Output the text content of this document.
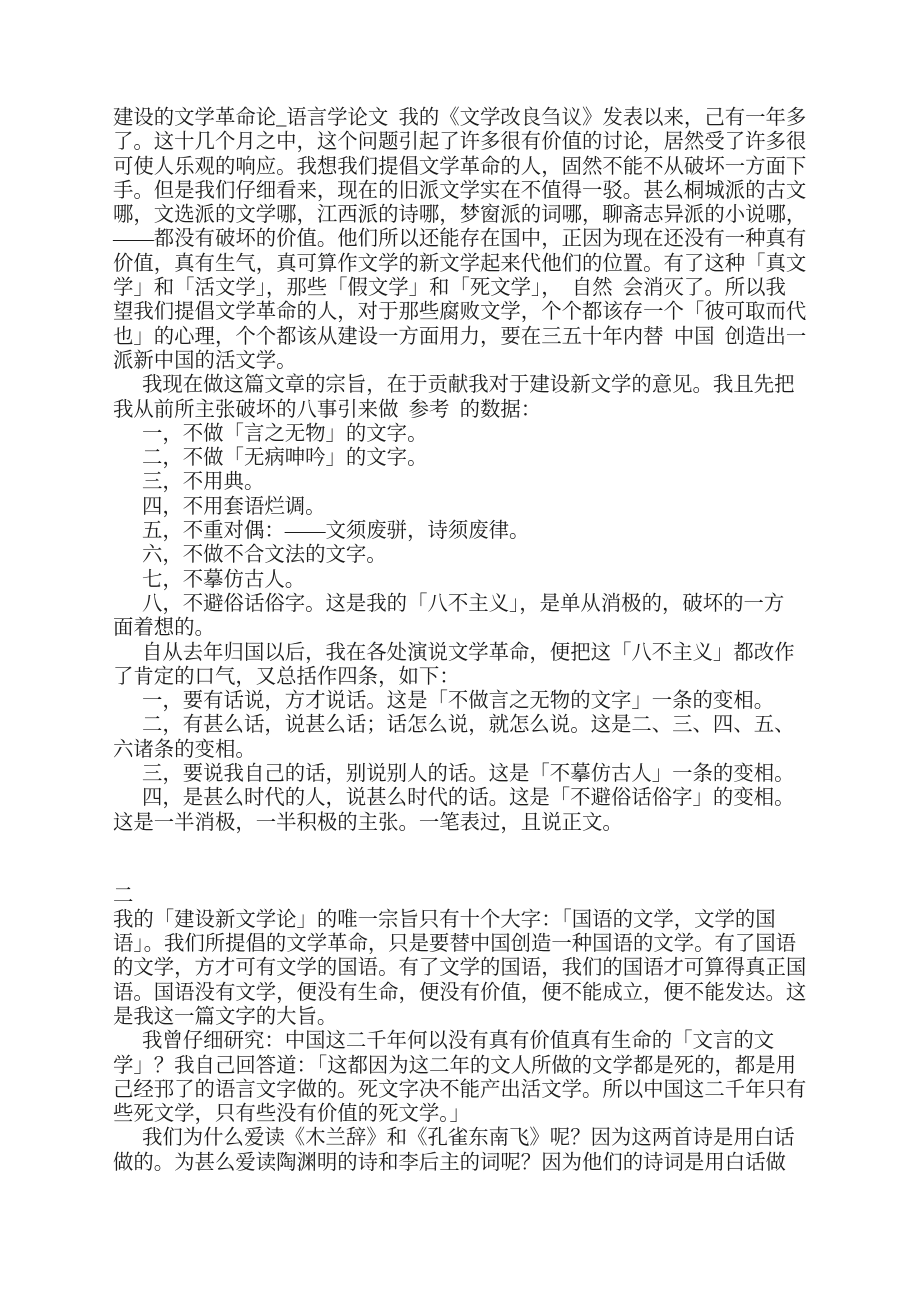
建设的文学革命论_语言学论文  我的《文学改良刍议》发表以来，己有一年多
了。这十几个月之中，这个问题引起了许多很有价值的讨论，居然受了许多很
可使人乐观的响应。我想我们提倡文学革命的人，固然不能不从破坏一方面下
手。但是我们仔细看来，现在的旧派文学实在不值得一驳。甚么桐城派的古文
哪，文选派的文学哪，江西派的诗哪，梦窗派的词哪，聊斋志异派的小说哪，
——都没有破坏的价值。他们所以还能存在国中，正因为现在还没有一种真有
价值，真有生气，真可算作文学的新文学起来代他们的位置。有了这种「真文
学」和「活文学」，那些「假文学」和「死文学」，  自然  会消灭了。所以我
望我们提倡文学革命的人，对于那些腐败文学，个个都该存一个「彼可取而代
也」的心理，个个都该从建设一方面用力，要在三五十年内替  中国  创造出一
派新中国的活文学。
我现在做这篇文章的宗旨，在于贡献我对于建设新文学的意见。我且先把
我从前所主张破坏的八事引来做  参考  的数据：
一，不做「言之无物」的文字。
二，不做「无病呻吟」的文字。
三，不用典。
四，不用套语烂调。
五，不重对偶：——文须废骈，诗须废律。
六，不做不合文法的文字。
七，不摹仿古人。
八，不避俗话俗字。这是我的「八不主义」，是单从消极的，破坏的一方
面着想的。
自从去年归国以后，我在各处演说文学革命，便把这「八不主义」都改作
了肯定的口气，又总括作四条，如下：
一，要有话说，方才说话。这是「不做言之无物的文字」一条的变相。
二，有甚么话，说甚么话；话怎么说，就怎么说。这是二、三、四、五、
六诸条的变相。
三，要说我自己的话，别说别人的话。这是「不摹仿古人」一条的变相。
四，是甚么时代的人，说甚么时代的话。这是「不避俗话俗字」的变相。
这是一半消极，一半积极的主张。一笔表过，且说正文。
二
我的「建设新文学论」的唯一宗旨只有十个大字：「国语的文学，文学的国
语」。我们所提倡的文学革命，只是要替中国创造一种国语的文学。有了国语
的文学，方才可有文学的国语。有了文学的国语，我们的国语才可算得真正国
语。国语没有文学，便没有生命，便没有价值，便不能成立，便不能发达。这
是我这一篇文字的大旨。
我曾仔细研究：中国这二千年何以没有真有价值真有生命的「文言的文
学」？我自己回答道：「这都因为这二年的文人所做的文学都是死的，都是用
己经邘了的语言文字做的。死文字决不能产出活文学。所以中国这二千年只有
些死文学，只有些没有价值的死文学。」
我们为什么爱读《木兰辞》和《孔雀东南飞》呢？因为这两首诗是用白话
做的。为甚么爱读陶渊明的诗和李后主的词呢？因为他们的诗词是用白话做
